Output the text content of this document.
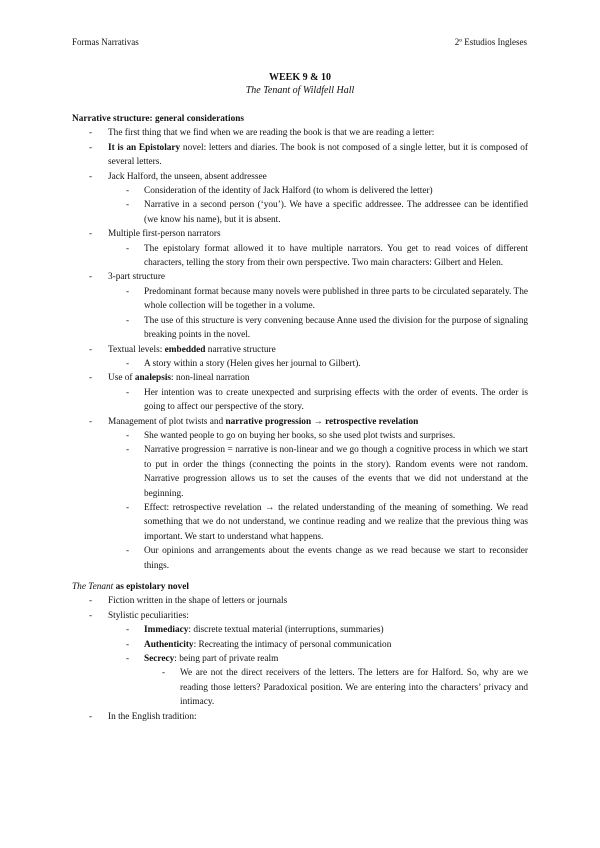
Formas Narrativas	2º Estudios Ingleses
WEEK 9 & 10
The Tenant of Wildfell Hall

Narrative structure: general considerations

- The first thing that we find when we are reading the book is that we are reading a letter:
- It is an Epistolary novel: letters and diaries. The book is not composed of a single letter, but it is composed of several letters.
- Jack Halford, the unseen, absent addressee
- Consideration of the identity of Jack Halford (to whom is delivered the letter)
- Narrative in a second person (‘you’). We have a specific addressee. The addressee can be identified (we know his name), but it is absent.
- Multiple first-person narrators
- The epistolary format allowed it to have multiple narrators. You get to read voices of different characters, telling the story from their own perspective. Two main characters: Gilbert and Helen.
- 3-part structure
- Predominant format because many novels were published in three parts to be circulated separately. The whole collection will be together in a volume.
- The use of this structure is very convening because Anne used the division for the purpose of signaling breaking points in the novel.
- Textual levels: embedded narrative structure
- A story within a story (Helen gives her journal to Gilbert).
- Use of analepsis: non-lineal narration
- Her intention was to create unexpected and surprising effects with the order of events. The order is going to affect our perspective of the story.
- Management of plot twists and narrative progression → retrospective revelation
- She wanted people to go on buying her books, so she used plot twists and surprises.
- Narrative progression = narrative is non-linear and we go though a cognitive process in which we start to put in order the things (connecting the points in the story). Random events were not random. Narrative progression allows us to set the causes of the events that we did not understand at the beginning.
- Effect: retrospective revelation → the related understanding of the meaning of something. We read something that we do not understand, we continue reading and we realize that the previous thing was important. We start to understand what happens.
- Our opinions and arrangements about the events change as we read because we start to reconsider things.

The Tenant as epistolary novel

- Fiction written in the shape of letters or journals
- Stylistic peculiarities:
- Immediacy: discrete textual material (interruptions, summaries)
- Authenticity: Recreating the intimacy of personal communication
- Secrecy: being part of private realm
- We are not the direct receivers of the letters. The letters are for Halford. So, why are we reading those letters? Paradoxical position. We are entering into the characters’ privacy and intimacy.
- In the English tradition:
